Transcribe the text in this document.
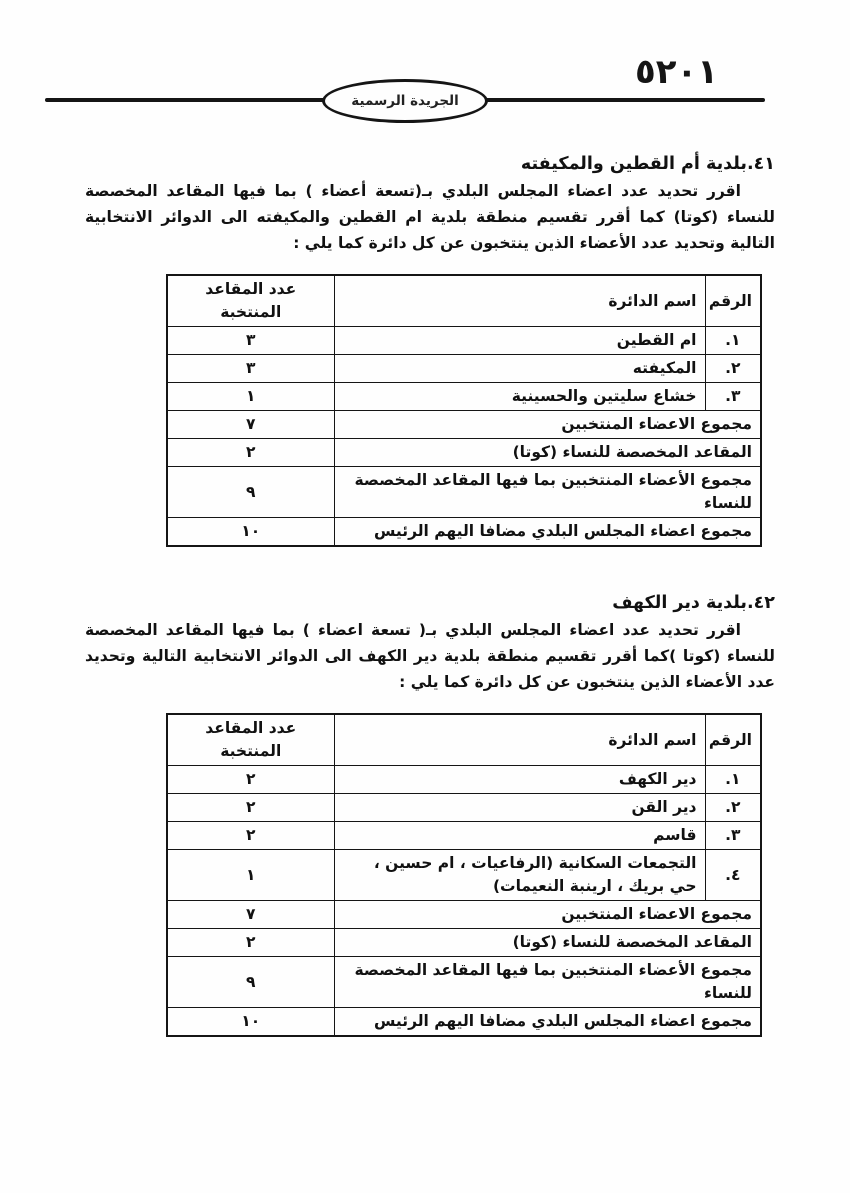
٥٢٠١
الجريدة الرسمية
٤١.بلدية أم القطين والمكيفته
اقرر تحديد عدد اعضاء المجلس البلدي بـ(تسعة أعضاء ) بما فيها المقاعد المخصصة للنساء (كوتا) كما أقرر تقسيم منطقة بلدية ام القطين والمكيفته الى الدوائر الانتخابية التالية وتحديد عدد الأعضاء الذين ينتخبون عن كل دائرة كما يلي :
الرقم	اسم الدائرة	عدد المقاعد المنتخبة
١.	ام القطين	٣
٢.	المكيفته	٣
٣.	خشاع سليتين والحسينية	١
مجموع الاعضاء المنتخبين		٧
المقاعد المخصصة للنساء (كوتا)		٢
مجموع الأعضاء المنتخبين بما فيها المقاعد المخصصة للنساء		٩
مجموع اعضاء المجلس البلدي مضافا اليهم الرئيس		١٠
٤٢.بلدية دير الكهف
اقرر تحديد عدد اعضاء المجلس البلدي بـ( تسعة اعضاء ) بما فيها المقاعد المخصصة للنساء (كوتا )كما أقرر تقسيم منطقة بلدية دير الكهف الى الدوائر الانتخابية التالية وتحديد عدد الأعضاء الذين ينتخبون عن كل دائرة كما يلي :
الرقم	اسم الدائرة	عدد المقاعد المنتخبة
١.	دير الكهف	٢
٢.	دير القن	٢
٣.	قاسم	٢
٤.	التجمعات السكانية (الرفاعيات ، ام حسين ، حي بريك ، ارينبة النعيمات)	١
مجموع الاعضاء المنتخبين		٧
المقاعد المخصصة للنساء (كوتا)		٢
مجموع الأعضاء المنتخبين بما فيها المقاعد المخصصة للنساء		٩
مجموع اعضاء المجلس البلدي مضافا اليهم الرئيس		١٠
